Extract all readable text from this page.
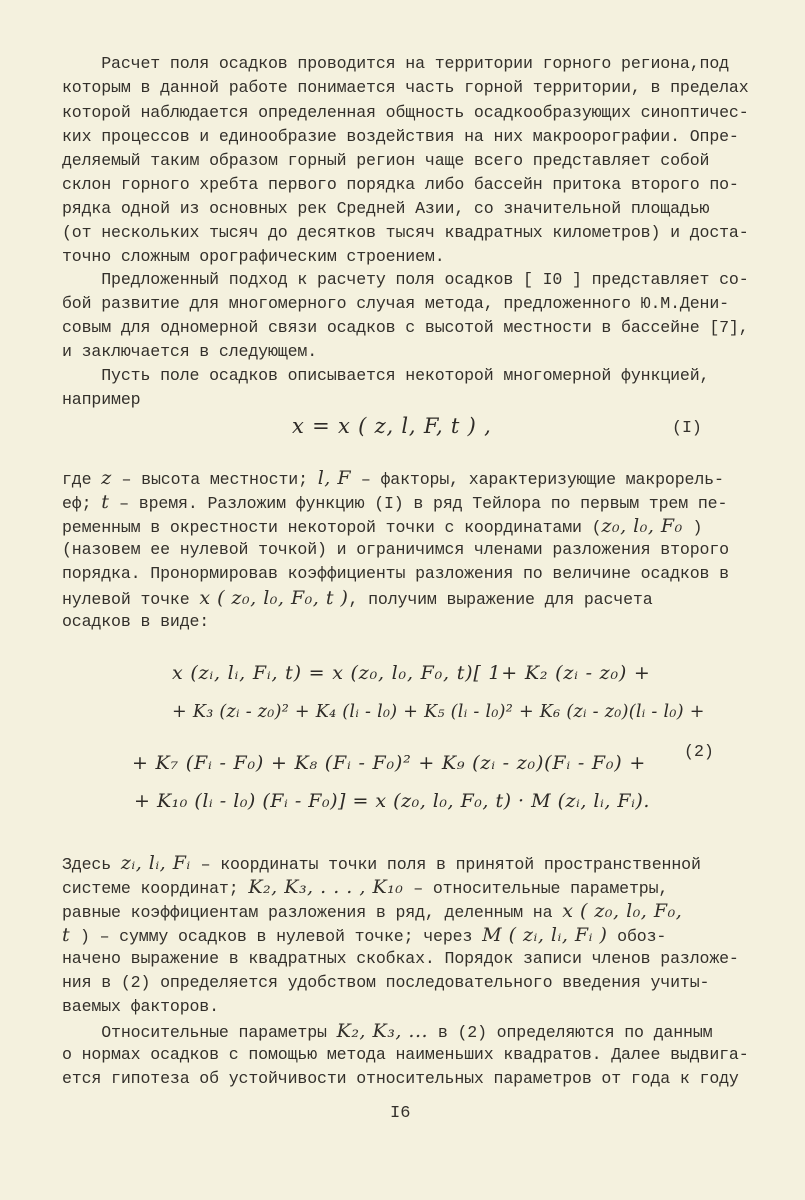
Расчет поля осадков проводится на территории горного региона,под
которым в данной работе понимается часть горной территории, в пределах
которой наблюдается определенная общность осадкообразующих синоптичес-
ких процессов и единообразие воздействия на них макроорографии. Опре-
деляемый таким образом горный регион чаще всего представляет собой
склон горного хребта первого порядка либо бассейн притока второго по-
рядка одной из основных рек Средней Азии, со значительной площадью
(от нескольких тысяч до десятков тысяч квадратных километров) и доста-
точно сложным орографическим строением.
Предложенный подход к расчету поля осадков [ I0 ] представляет со-
бой развитие для многомерного случая метода, предложенного Ю.М.Дени-
совым для одномерной связи осадков с высотой местности в бассейне [7],
и заключается в следующем.
Пусть поле осадков описывается некоторой многомерной функцией,
например
x = x ( z, l, F, t ) ,	(I)
где z – высота местности; l, F – факторы, характеризующие макрорель-
еф; t – время. Разложим функцию (I) в ряд Тейлора по первым трем пе-
ременным в окрестности некоторой точки с координатами (z₀, l₀, F₀ )
(назовем ее нулевой точкой) и ограничимся членами разложения второго
порядка. Пронормировав коэффициенты разложения по величине осадков в
нулевой точке x ( z₀, l₀, F₀, t ), получим выражение для расчета
осадков в виде:
x (zᵢ, lᵢ, Fᵢ, t) = x (z₀, l₀, F₀, t)[ 1+ K₂ (zᵢ - z₀) +
+ K₃ (zᵢ - z₀)² + K₄ (lᵢ - l₀) + K₅ (lᵢ - l₀)² + K₆ (zᵢ - z₀)(lᵢ - l₀) +
+ K₇ (Fᵢ - F₀) + K₈ (Fᵢ - F₀)² + K₉ (zᵢ - z₀)(Fᵢ - F₀) +
(2)
+ K₁₀ (lᵢ - l₀) (Fᵢ - F₀)] = x (z₀, l₀, F₀, t) · M (zᵢ, lᵢ, Fᵢ).
Здесь zᵢ, lᵢ, Fᵢ – координаты точки поля в принятой пространственной
системе координат; K₂, K₃, . . . , K₁₀ – относительные параметры,
равные коэффициентам разложения в ряд, деленным на x ( z₀, l₀, F₀,
t ) – сумму осадков в нулевой точке; через M ( zᵢ, lᵢ, Fᵢ ) обоз-
начено выражение в квадратных скобках. Порядок записи членов разложе-
ния в (2) определяется удобством последовательного введения учиты-
ваемых факторов.
Относительные параметры K₂, K₃, ... в (2) определяются по данным
о нормах осадков с помощью метода наименьших квадратов. Далее выдвига-
ется гипотеза об устойчивости относительных параметров от года к году
I6
